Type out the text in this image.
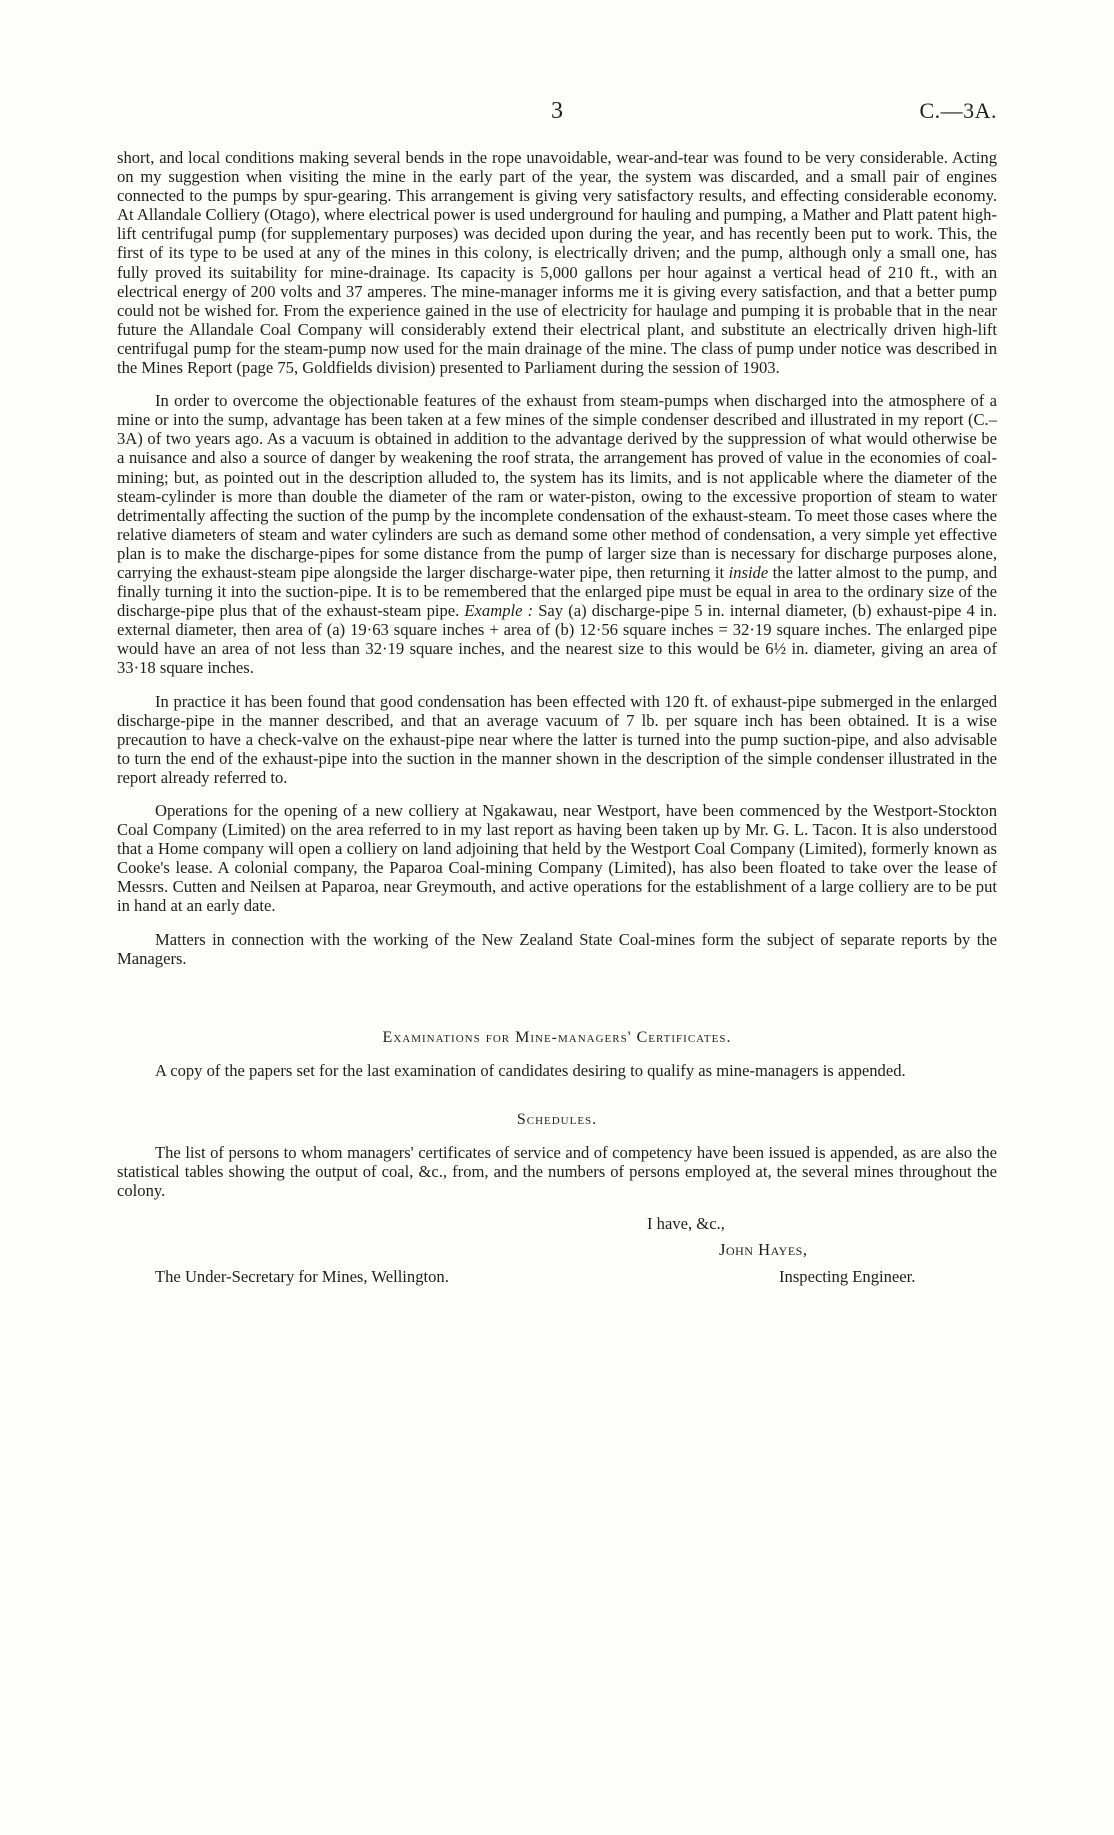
3	C.—3A.

short, and local conditions making several bends in the rope unavoidable, wear-and-tear was found to be very considerable. Acting on my suggestion when visiting the mine in the early part of the year, the system was discarded, and a small pair of engines connected to the pumps by spur-gearing. This arrangement is giving very satisfactory results, and effecting considerable economy. At Allandale Colliery (Otago), where electrical power is used underground for hauling and pumping, a Mather and Platt patent high-lift centrifugal pump (for supplementary purposes) was decided upon during the year, and has recently been put to work. This, the first of its type to be used at any of the mines in this colony, is electrically driven; and the pump, although only a small one, has fully proved its suitability for mine-drainage. Its capacity is 5,000 gallons per hour against a vertical head of 210 ft., with an electrical energy of 200 volts and 37 amperes. The mine-manager informs me it is giving every satisfaction, and that a better pump could not be wished for. From the experience gained in the use of electricity for haulage and pumping it is probable that in the near future the Allandale Coal Company will considerably extend their electrical plant, and substitute an electrically driven high-lift centrifugal pump for the steam-pump now used for the main drainage of the mine. The class of pump under notice was described in the Mines Report (page 75, Goldfields division) presented to Parliament during the session of 1903.

In order to overcome the objectionable features of the exhaust from steam-pumps when discharged into the atmosphere of a mine or into the sump, advantage has been taken at a few mines of the simple condenser described and illustrated in my report (C.–3A) of two years ago. As a vacuum is obtained in addition to the advantage derived by the suppression of what would otherwise be a nuisance and also a source of danger by weakening the roof strata, the arrangement has proved of value in the economies of coal-mining; but, as pointed out in the description alluded to, the system has its limits, and is not applicable where the diameter of the steam-cylinder is more than double the diameter of the ram or water-piston, owing to the excessive proportion of steam to water detrimentally affecting the suction of the pump by the incomplete condensation of the exhaust-steam. To meet those cases where the relative diameters of steam and water cylinders are such as demand some other method of condensation, a very simple yet effective plan is to make the discharge-pipes for some distance from the pump of larger size than is necessary for discharge purposes alone, carrying the exhaust-steam pipe alongside the larger discharge-water pipe, then returning it inside the latter almost to the pump, and finally turning it into the suction-pipe. It is to be remembered that the enlarged pipe must be equal in area to the ordinary size of the discharge-pipe plus that of the exhaust-steam pipe. Example : Say (a) discharge-pipe 5 in. internal diameter, (b) exhaust-pipe 4 in. external diameter, then area of (a) 19·63 square inches + area of (b) 12·56 square inches = 32·19 square inches. The enlarged pipe would have an area of not less than 32·19 square inches, and the nearest size to this would be 6½ in. diameter, giving an area of 33·18 square inches.

In practice it has been found that good condensation has been effected with 120 ft. of exhaust-pipe submerged in the enlarged discharge-pipe in the manner described, and that an average vacuum of 7 lb. per square inch has been obtained. It is a wise precaution to have a check-valve on the exhaust-pipe near where the latter is turned into the pump suction-pipe, and also advisable to turn the end of the exhaust-pipe into the suction in the manner shown in the description of the simple condenser illustrated in the report already referred to.

Operations for the opening of a new colliery at Ngakawau, near Westport, have been commenced by the Westport-Stockton Coal Company (Limited) on the area referred to in my last report as having been taken up by Mr. G. L. Tacon. It is also understood that a Home company will open a colliery on land adjoining that held by the Westport Coal Company (Limited), formerly known as Cooke's lease. A colonial company, the Paparoa Coal-mining Company (Limited), has also been floated to take over the lease of Messrs. Cutten and Neilsen at Paparoa, near Greymouth, and active operations for the establishment of a large colliery are to be put in hand at an early date.

Matters in connection with the working of the New Zealand State Coal-mines form the subject of separate reports by the Managers.

Examinations for Mine-managers' Certificates.

A copy of the papers set for the last examination of candidates desiring to qualify as mine-managers is appended.

Schedules.

The list of persons to whom managers' certificates of service and of competency have been issued is appended, as are also the statistical tables showing the output of coal, &c., from, and the numbers of persons employed at, the several mines throughout the colony.

I have, &c.,
John Hayes,
The Under-Secretary for Mines, Wellington.	Inspecting Engineer.
